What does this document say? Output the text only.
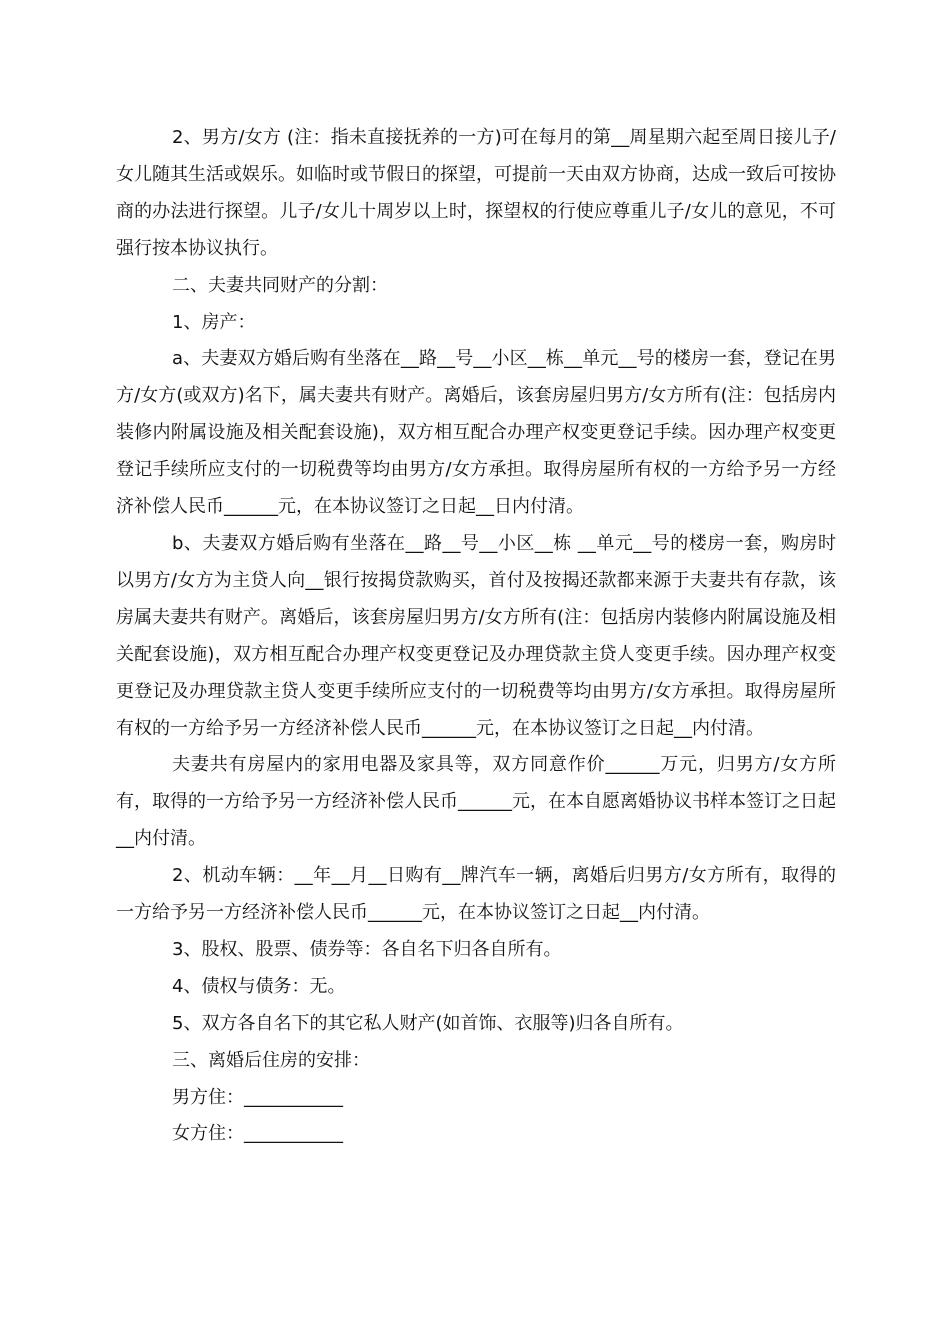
2、男方/女方 (注：指未直接抚养的一方)可在每月的第__周星期六起至周日接儿子/女儿随其生活或娱乐。如临时或节假日的探望，可提前一天由双方协商，达成一致后可按协商的办法进行探望。儿子/女儿十周岁以上时，探望权的行使应尊重儿子/女儿的意见，不可强行按本协议执行。

二、夫妻共同财产的分割：

1、房产：

a、夫妻双方婚后购有坐落在__路__号__小区__栋__单元__号的楼房一套，登记在男方/女方(或双方)名下，属夫妻共有财产。离婚后，该套房屋归男方/女方所有(注：包括房内装修内附属设施及相关配套设施)，双方相互配合办理产权变更登记手续。因办理产权变更登记手续所应支付的一切税费等均由男方/女方承担。取得房屋所有权的一方给予另一方经济补偿人民币______元，在本协议签订之日起__日内付清。

b、夫妻双方婚后购有坐落在__路__号__小区__栋 __单元__号的楼房一套，购房时以男方/女方为主贷人向__银行按揭贷款购买，首付及按揭还款都来源于夫妻共有存款，该房属夫妻共有财产。离婚后，该套房屋归男方/女方所有(注：包括房内装修内附属设施及相关配套设施)，双方相互配合办理产权变更登记及办理贷款主贷人变更手续。因办理产权变更登记及办理贷款主贷人变更手续所应支付的一切税费等均由男方/女方承担。取得房屋所有权的一方给予另一方经济补偿人民币______元，在本协议签订之日起__内付清。

夫妻共有房屋内的家用电器及家具等，双方同意作价______万元，归男方/女方所有，取得的一方给予另一方经济补偿人民币______元，在本自愿离婚协议书样本签订之日起__内付清。

2、机动车辆：__年__月__日购有__牌汽车一辆，离婚后归男方/女方所有，取得的一方给予另一方经济补偿人民币______元，在本协议签订之日起__内付清。

3、股权、股票、债券等：各自名下归各自所有。

4、债权与债务：无。

5、双方各自名下的其它私人财产(如首饰、衣服等)归各自所有。

三、离婚后住房的安排：

男方住：___________

女方住：___________
